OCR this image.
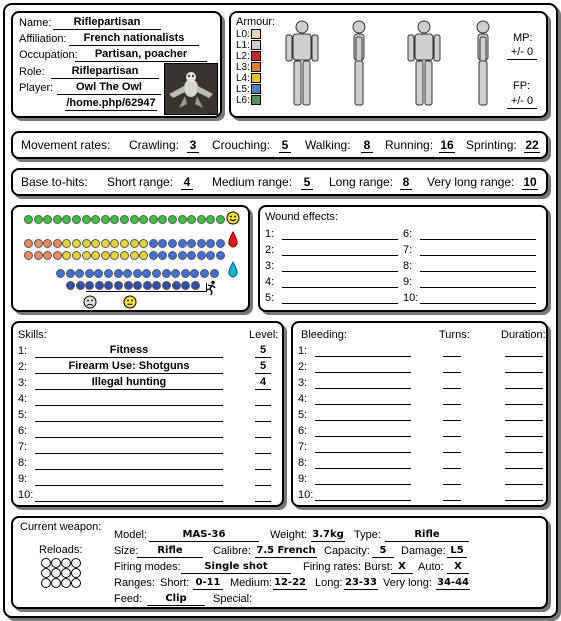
Name:	Riflepartisan
Affiliation:	French nationalists
Occupation:	Partisan, poacher
Role:	Riflepartisan
Player:	Owl The Owl
/home.php/62947
Armour:
L0:
L1:
L2:
L3:
L4:
L5:
L6:
MP:
+/- 0
FP:
+/- 0
Movement rates: Crawling: 3 Crouching: 5 Walking: 8 Running: 16 Sprinting: 22
Base to-hits: Short range: 4 Medium range: 5 Long range: 8 Very long range: 10
Wound effects:
1:
2:
3:
4:
5:
6:
7:
8:
9:
10:
Skills:	Level:
1:	Fitness	5
2:	Firearm Use: Shotguns	5
3:	Illegal hunting	4
4:
5:
6:
7:
8:
9:
10:
Bleeding:	Turns:	Duration:
1:
2:
3:
4:
5:
6:
7:
8:
9:
10:
Current weapon:
Reloads:
Model:	MAS-36	Weight: 3.7kg Type:	Rifle
Size:	Rifle	Calibre: 7.5 French Capacity: 5	Damage: L5
Firing modes:	Single shot	Firing rates: Burst: X	Auto:	X
Ranges: Short: 0-11 Medium: 12-22 Long: 23-33 Very long: 34-44
Feed:	Clip	Special:
